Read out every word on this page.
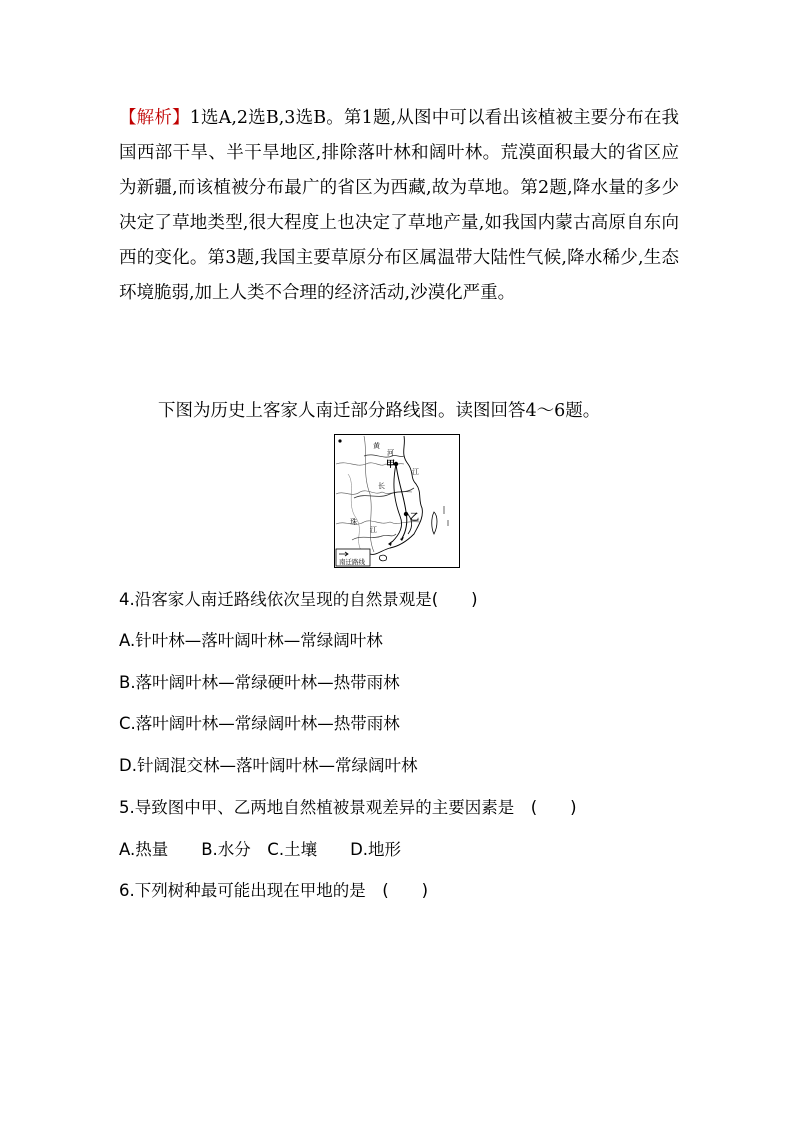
【解析】1选A,2选B,3选B。第1题,从图中可以看出该植被主要分布在我国西部干旱、半干旱地区,排除落叶林和阔叶林。荒漠面积最大的省区应为新疆,而该植被分布最广的省区为西藏,故为草地。第2题,降水量的多少决定了草地类型,很大程度上也决定了草地产量,如我国内蒙古高原自东向西的变化。第3题,我国主要草原分布区属温带大陆性气候,降水稀少,生态环境脆弱,加上人类不合理的经济活动,沙漠化严重。
下图为历史上客家人南迁部分路线图。读图回答4～6题。
黄
河
甲
江
长
珠
江
乙
南迁路线
4.沿客家人南迁路线依次呈现的自然景观是(　　)
A.针叶林—落叶阔叶林—常绿阔叶林
B.落叶阔叶林—常绿硬叶林—热带雨林
C.落叶阔叶林—常绿阔叶林—热带雨林
D.针阔混交林—落叶阔叶林—常绿阔叶林
5.导致图中甲、乙两地自然植被景观差异的主要因素是　(　　)
A.热量　　B.水分　C.土壤　　D.地形
6.下列树种最可能出现在甲地的是　(　　)
